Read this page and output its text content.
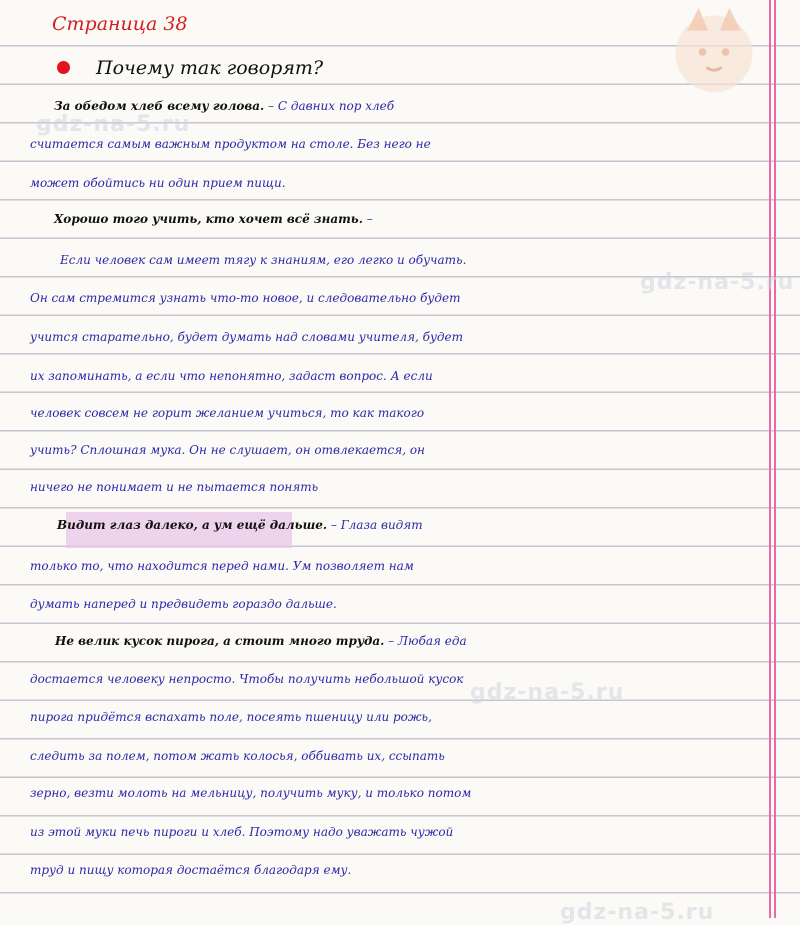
gdz-na-5.ru
gdz-na-5.ru
gdz-na-5.ru
gdz-na-5.ru
Страница 38
Почему так говорят?
За обедом хлеб всему голова. – С давних пор хлеб
считается самым важным продуктом на столе. Без него не
может обойтись ни один прием пищи.
Хорошо того учить, кто хочет всё знать. –
Если человек сам имеет тягу к знаниям, его легко и обучать.
Он сам стремится узнать что-то новое, и следовательно будет
учится старательно, будет думать над словами учителя, будет
их запоминать, а если что непонятно, задаст вопрос. А если
человек совсем не горит желанием учиться, то как такого
учить? Сплошная мука. Он не слушает, он отвлекается, он
ничего не понимает и не пытается понять
Видит глаз далеко, а ум ещё дальше. – Глаза видят
только то, что находится перед нами. Ум позволяет нам
думать наперед и предвидеть гораздо дальше.
Не велик кусок пирога, а стоит много труда. – Любая еда
достается человеку непросто. Чтобы получить небольшой кусок
пирога придётся вспахать поле, посеять пшеницу или рожь,
следить за полем, потом жать колосья, оббивать их, ссыпать
зерно, везти молоть на мельницу, получить муку, и только потом
из этой муки печь пироги и хлеб. Поэтому надо уважать чужой
труд и пищу которая достаётся благодаря ему.
